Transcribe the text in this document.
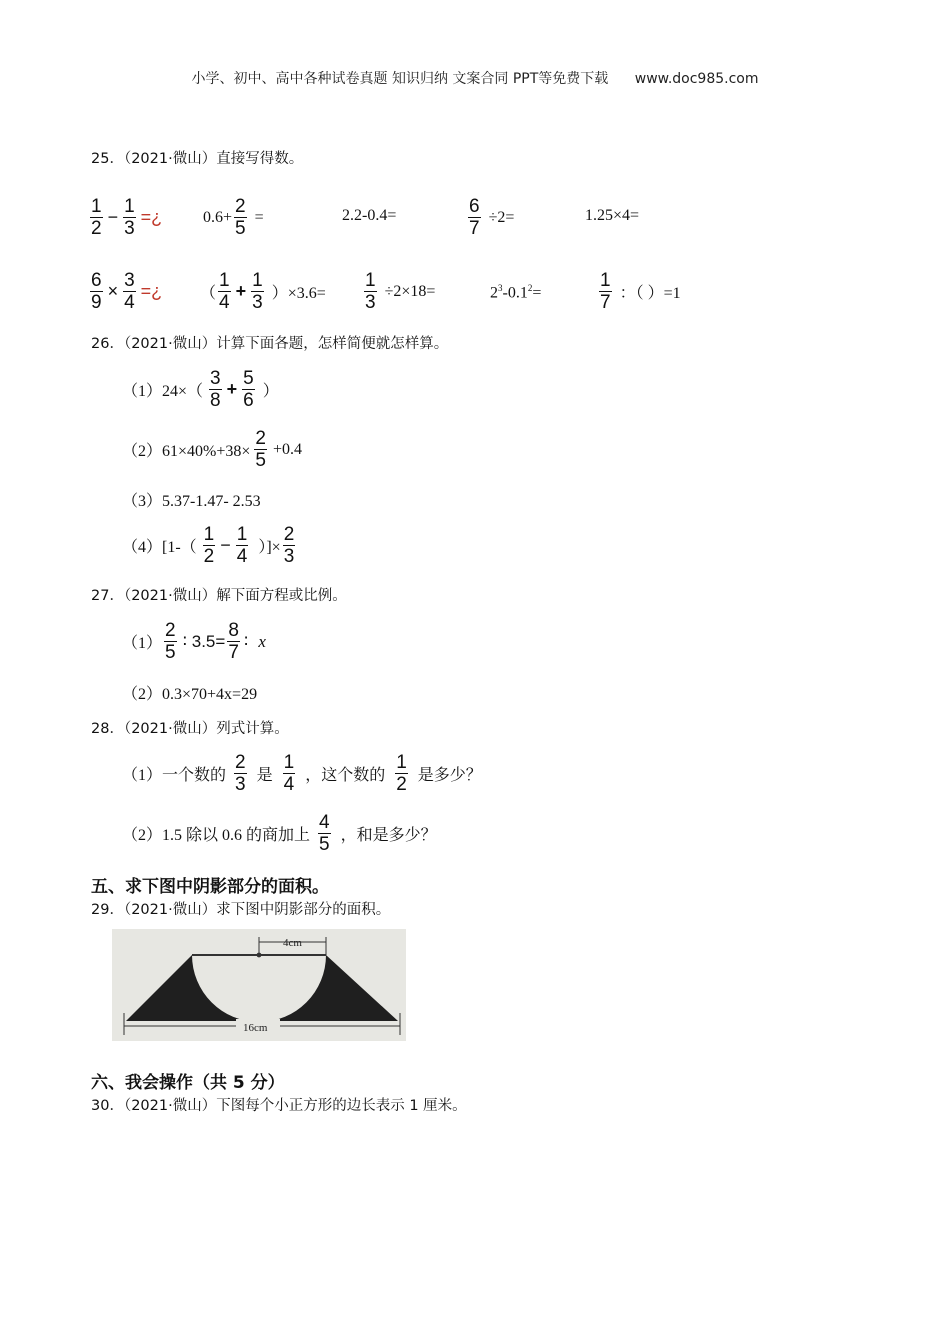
小学、初中、高中各种试卷真题 知识归纳 文案合同 PPT等免费下载 www.doc985.com
25．（2021·微山）直接写得数。
$\frac{1}{2} - \frac{1}{3}$ =¿	$0.6+ \frac{2}{5}$ =	2.2-0.4=	$\frac{6}{7} \div 2=$	1.25×4=
$\frac{6}{9} \times \frac{3}{4}$ =¿ （ $\frac{1}{4} + \frac{1}{3} )\times 3.6= \frac{1}{3} \div 2\times 18=$	$2^3-0.1^2=$	$\frac{1}{7}$ ：（ ）=1
26．（2021·微山）计算下面各题，怎样简便就怎样算。
$(1)24\times( \frac{3}{8} + \frac{5}{6}$ ）
$(2)61\times 40\%+38\times \frac{2}{5} +0.4$
（3）5.37-1.47- 2.53
$(4)[1-( \frac{1}{2} - \frac{1}{4}$ ）]× $\frac{2}{3}$
27．（2021·微山）解下面方程或比例。
$(1) \frac{2}{5}$ ∶ $3.5= \frac{8}{7}$ ∶ x
（2）0.3×70+4x=29
28．（2021·微山）列式计算。
（1）一个数的 $\frac{2}{3}$ 是 $\frac{1}{4}$ ，这个数的 $\frac{1}{2}$ 是多少？
（2）1.5 除以 0.6 的商加上 $\frac{4}{5}$ ，和是多少？
五、求下图中阴影部分的面积。
29．（2021·微山）求下图中阴影部分的面积。
4cm
16cm
六、我会操作（共 5 分）
30．（2021·微山）下图每个小正方形的边长表示 1 厘米。
